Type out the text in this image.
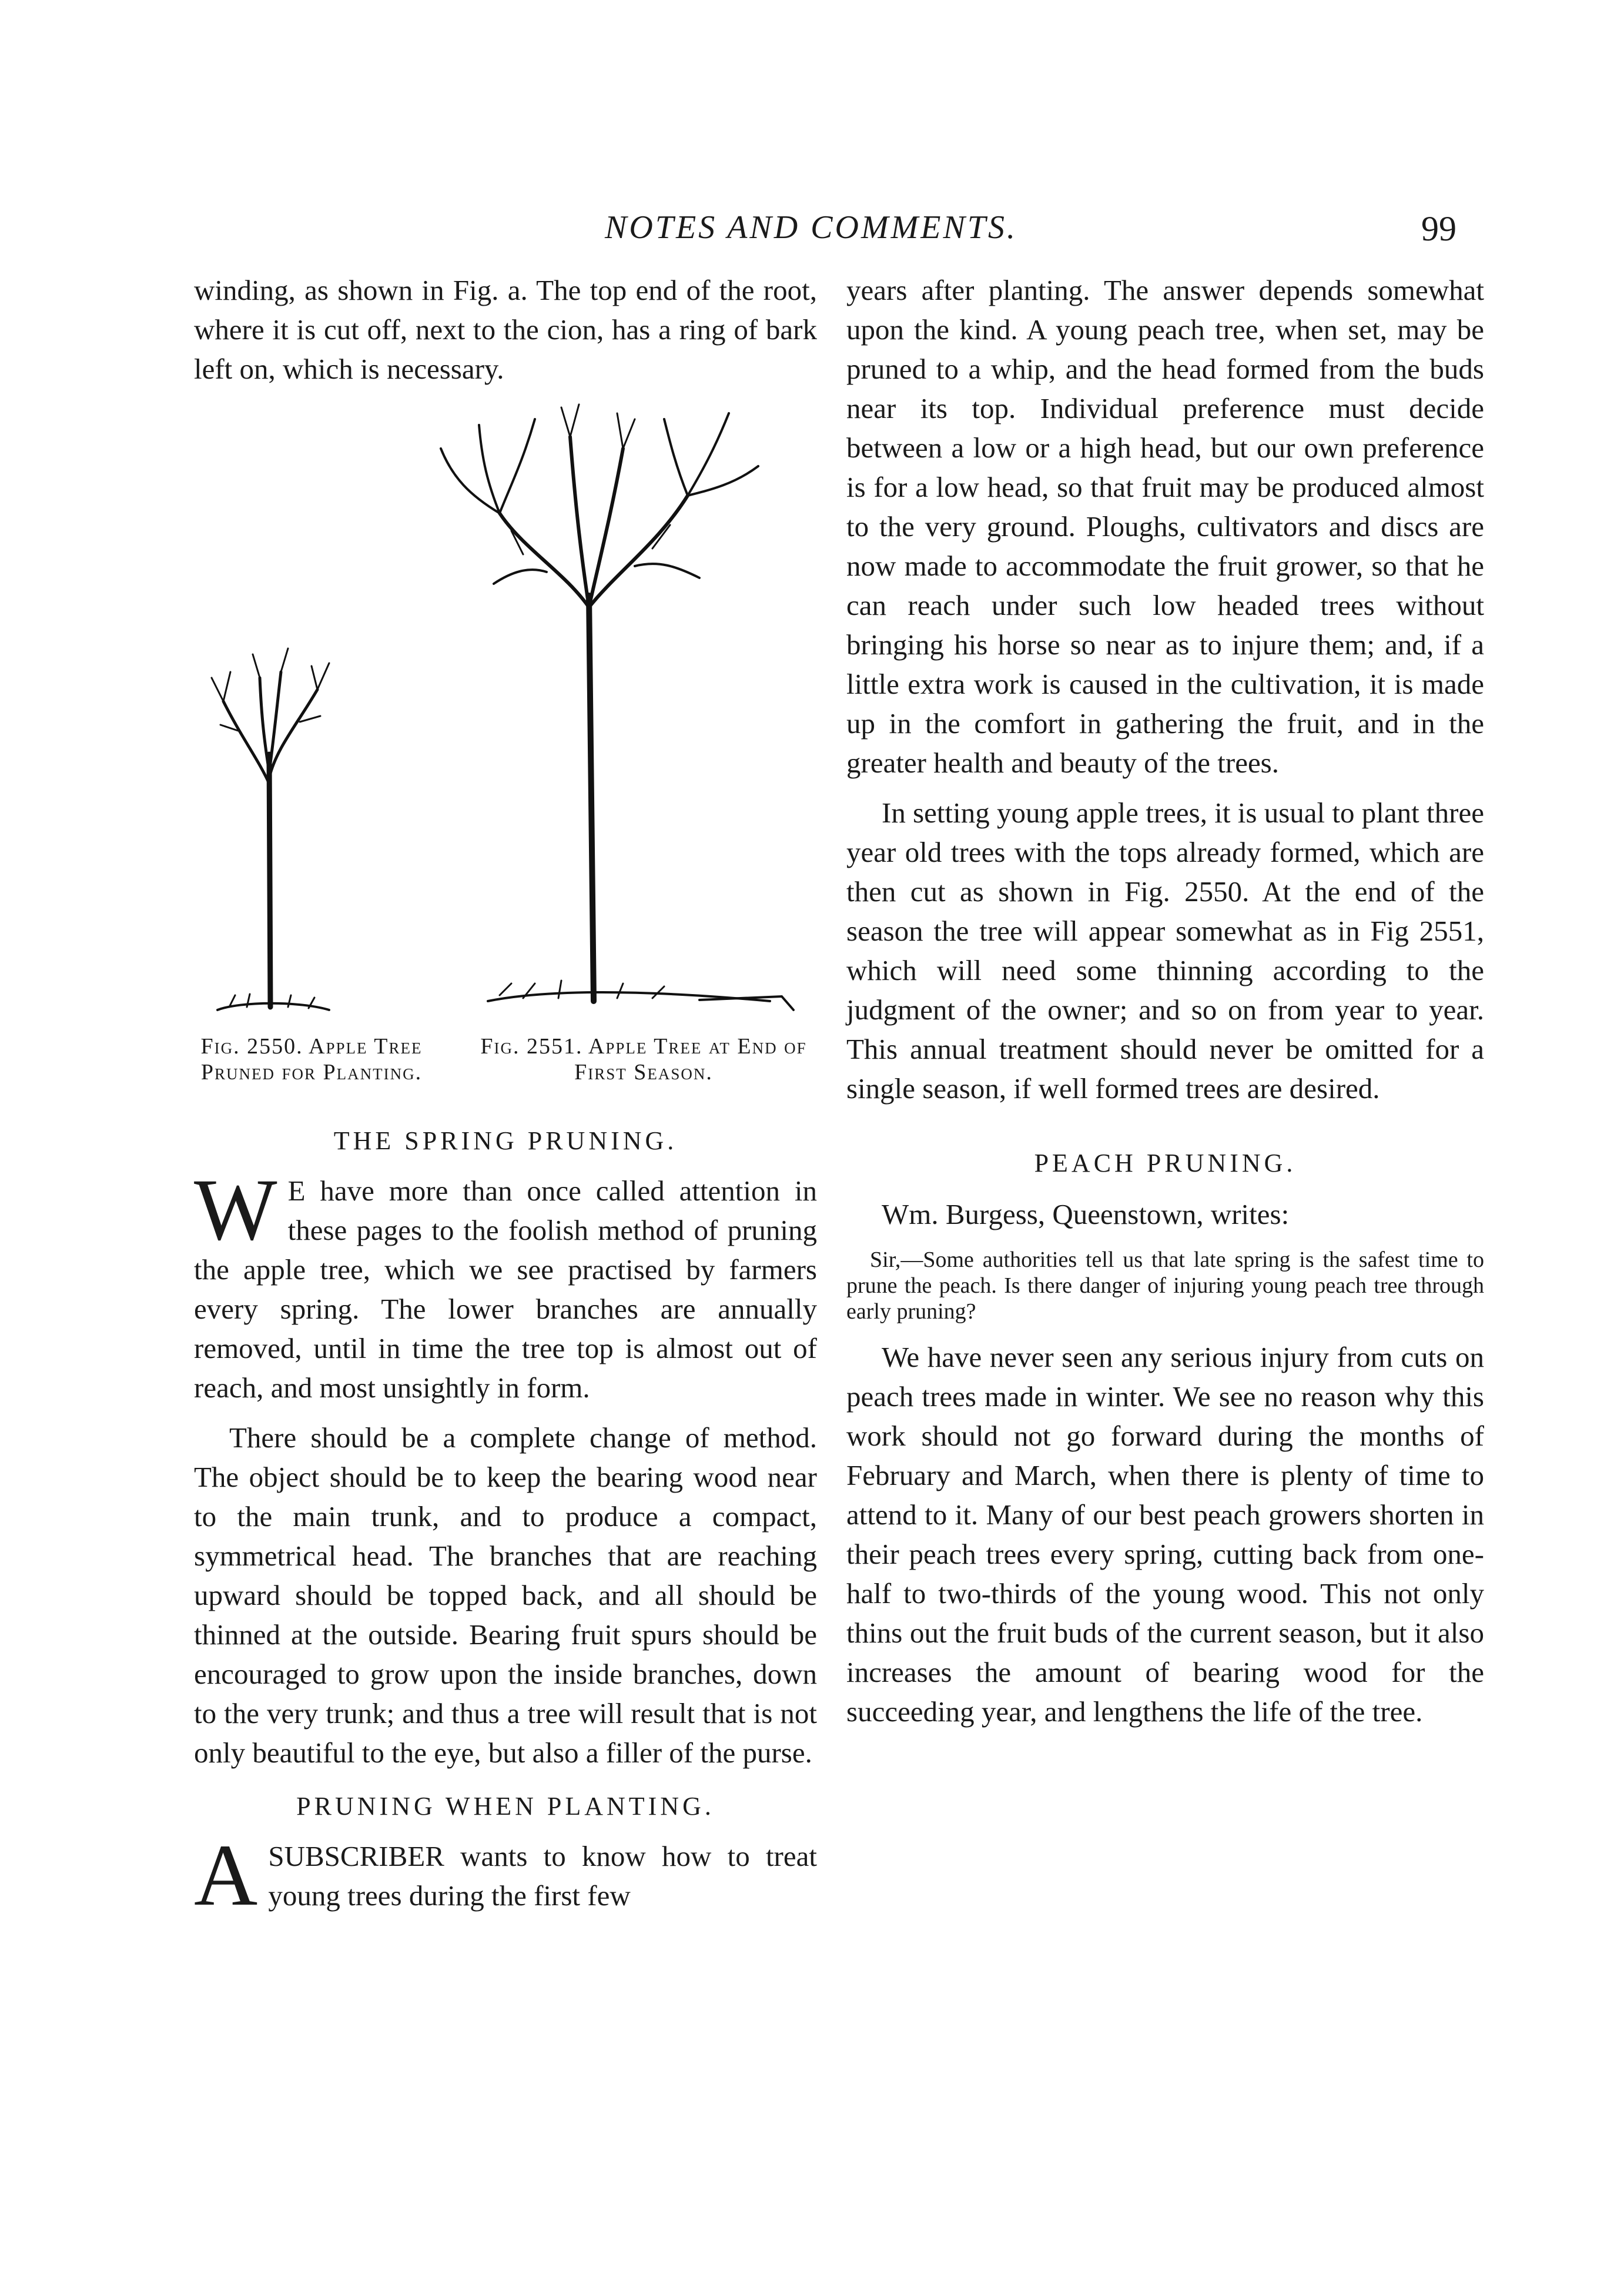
NOTES AND COMMENTS.	99

winding, as shown in Fig. a. The top end of the root, where it is cut off, next to the cion, has a ring of bark left on, which is necessary.

Fig. 2550. Apple Tree Pruned for Planting.
Fig. 2551. Apple Tree at End of First Season.
THE SPRING PRUNING.

W E have more than once called attention in these pages to the foolish method of pruning the apple tree, which we see practised by farmers every spring. The lower branches are annually removed, until in time the tree top is almost out of reach, and most unsightly in form.

There should be a complete change of method. The object should be to keep the bearing wood near to the main trunk, and to produce a compact, symmetrical head. The branches that are reaching upward should be topped back, and all should be thinned at the outside. Bearing fruit spurs should be encouraged to grow upon the inside branches, down to the very trunk; and thus a tree will result that is not only beautiful to the eye, but also a filler of the purse.

PRUNING WHEN PLANTING.

A SUBSCRIBER wants to know how to treat young trees during the first few

years after planting. The answer depends somewhat upon the kind. A young peach tree, when set, may be pruned to a whip, and the head formed from the buds near its top. Individual preference must decide between a low or a high head, but our own preference is for a low head, so that fruit may be produced almost to the very ground. Ploughs, cultivators and discs are now made to accommodate the fruit grower, so that he can reach under such low headed trees without bringing his horse so near as to injure them; and, if a little extra work is caused in the cultivation, it is made up in the comfort in gathering the fruit, and in the greater health and beauty of the trees.

In setting young apple trees, it is usual to plant three year old trees with the tops already formed, which are then cut as shown in Fig. 2550. At the end of the season the tree will appear somewhat as in Fig 2551, which will need some thinning according to the judgment of the owner; and so on from year to year. This annual treatment should never be omitted for a single season, if well formed trees are desired.

PEACH PRUNING.

Wm. Burgess, Queenstown, writes:

Sir,—Some authorities tell us that late spring is the safest time to prune the peach. Is there danger of injuring young peach tree through early pruning?

We have never seen any serious injury from cuts on peach trees made in winter. We see no reason why this work should not go forward during the months of February and March, when there is plenty of time to attend to it. Many of our best peach growers shorten in their peach trees every spring, cutting back from one-half to two-thirds of the young wood. This not only thins out the fruit buds of the current season, but it also increases the amount of bearing wood for the succeeding year, and lengthens the life of the tree.
